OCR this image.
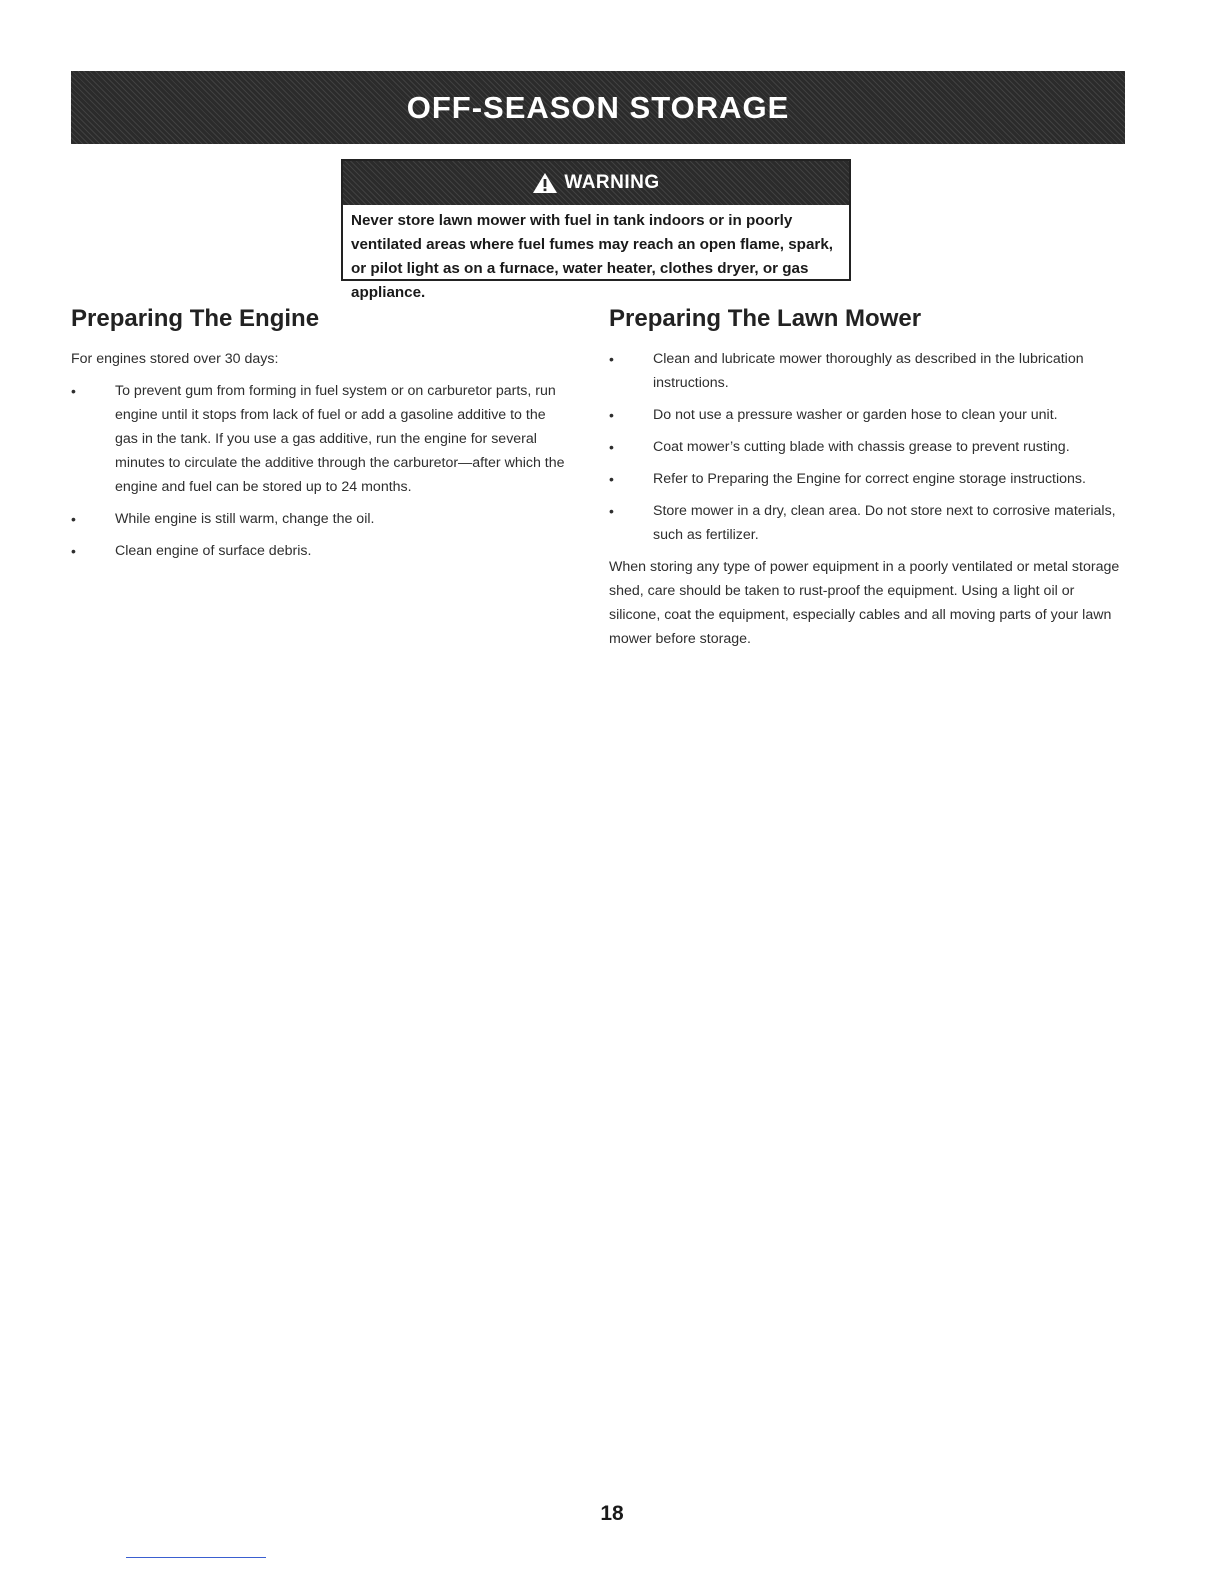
OFF-SEASON STORAGE
WARNING
Never store lawn mower with fuel in tank indoors or in poorly ventilated areas where fuel fumes may reach an open flame, spark, or pilot light as on a furnace, water heater, clothes dryer, or gas appliance.
Preparing The Engine

For engines stored over 30 days:

•	To prevent gum from forming in fuel system or on carburetor parts, run engine until it stops from lack of fuel or add a gasoline additive to the gas in the tank. If you use a gas additive, run the engine for several minutes to circulate the additive through the carburetor—after which the engine and fuel can be stored up to 24 months.
•	While engine is still warm, change the oil.
•	Clean engine of surface debris.
Preparing The Lawn Mower
•	Clean and lubricate mower thoroughly as described in the lubrication instructions.
•	Do not use a pressure washer or garden hose to clean your unit.
•	Coat mower’s cutting blade with chassis grease to prevent rusting.
•	Refer to Preparing the Engine for correct engine storage instructions.
•	Store mower in a dry, clean area. Do not store next to corrosive materials, such as fertilizer.

When storing any type of power equipment in a poorly ventilated or metal storage shed, care should be taken to rust-proof the equipment. Using a light oil or silicone, coat the equipment, especially cables and all moving parts of your lawn mower before storage.

18
